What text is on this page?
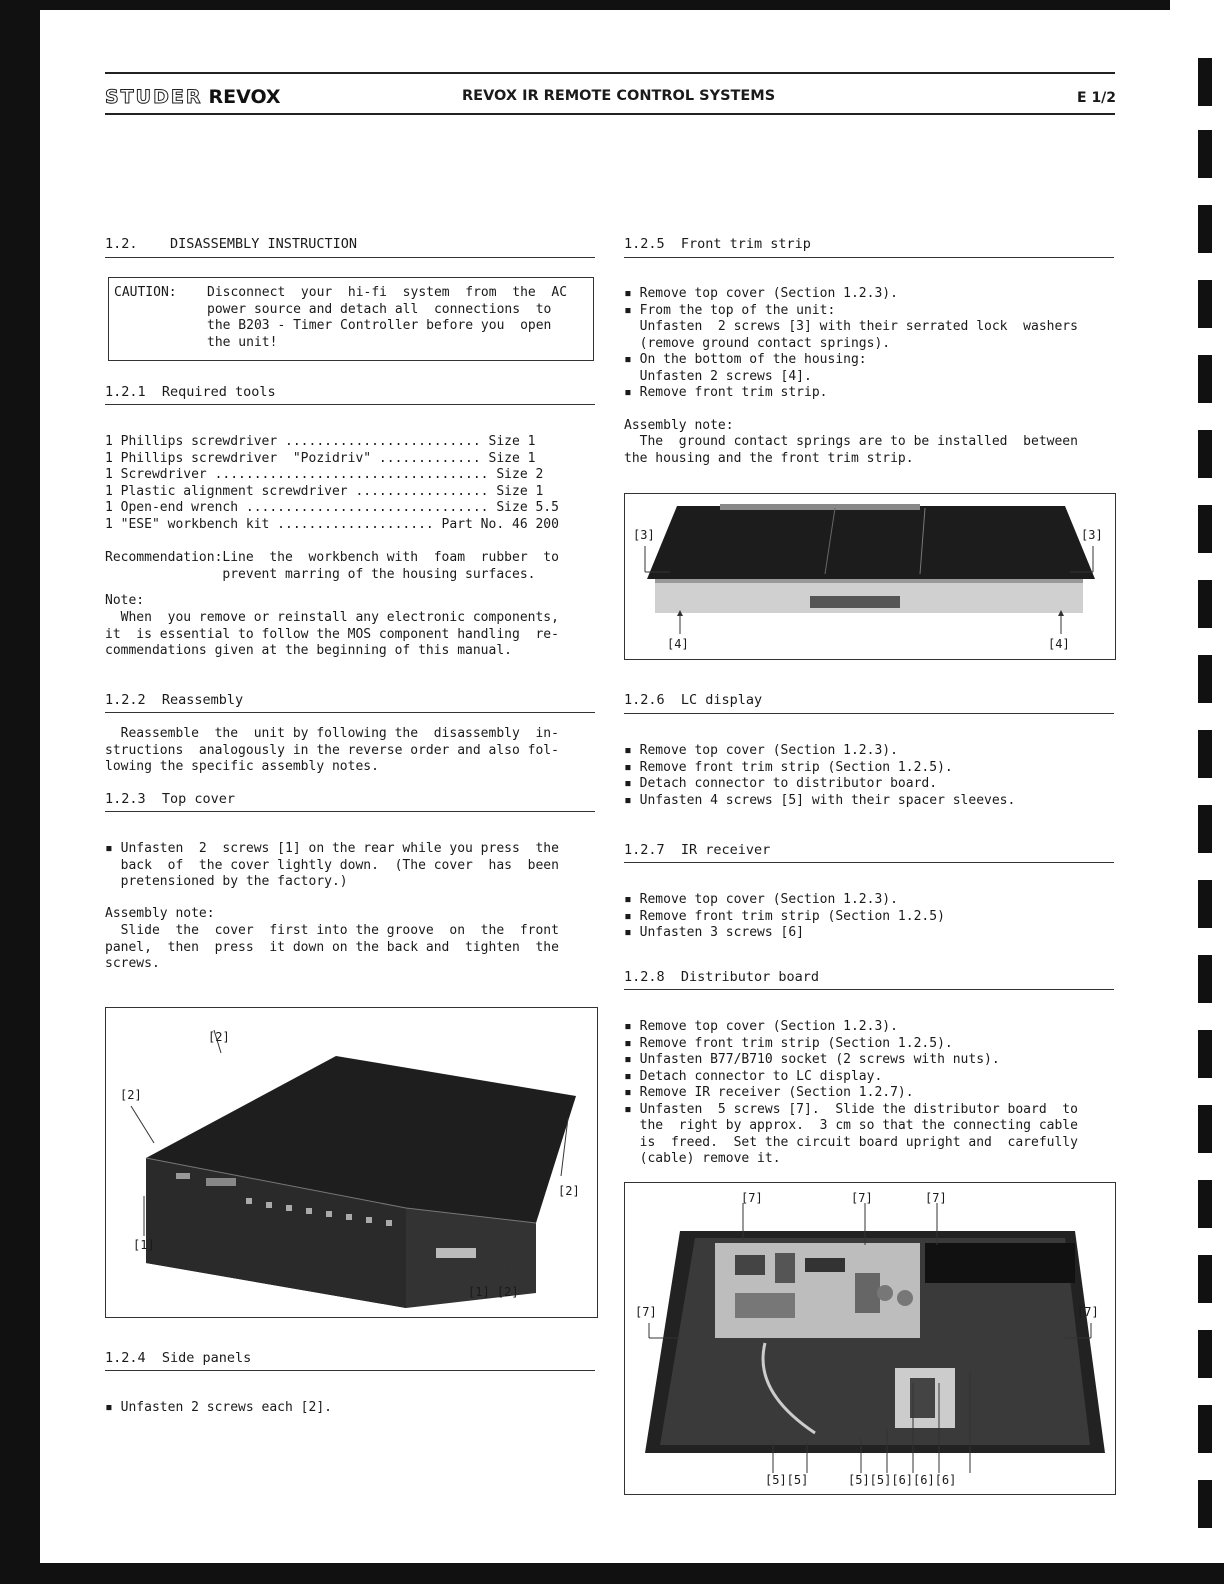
STUDER REVOX	REVOX IR REMOTE CONTROL SYSTEMS	E 1/2
1.2.    DISASSEMBLY INSTRUCTION
CAUTION: Disconnect  your  hi-fi  system  from  the  AC
power source and detach all  connections  to
the B203 - Timer Controller before you  open
the unit!
1.2.1  Required tools
1 Phillips screwdriver ......................... Size 1
1 Phillips screwdriver  "Pozidriv" ............. Size 1
1 Screwdriver ................................... Size 2
1 Plastic alignment screwdriver ................. Size 1
1 Open-end wrench ............................... Size 5.5
1 "ESE" workbench kit .................... Part No. 46 200
Recommendation:Line  the  workbench with  foam  rubber  to
prevent marring of the housing surfaces.
Note:
When  you remove or reinstall any electronic components,
it  is essential to follow the MOS component handling  re-
commendations given at the beginning of this manual.
1.2.2  Reassembly
Reassemble  the  unit by following the  disassembly  in-
structions  analogously in the reverse order and also fol-
lowing the specific assembly notes.
1.2.3  Top cover
▪ Unfasten  2  screws [1] on the rear while you press  the
back  of  the cover lightly down.  (The cover  has  been
pretensioned by the factory.)
Assembly note:
Slide  the  cover  first into the groove  on  the  front
panel,  then  press  it down on the back and  tighten  the
screws.
[2]
[2]
[2]
[1]
[1] [2]
1.2.4  Side panels
▪ Unfasten 2 screws each [2].
1.2.5  Front trim strip
▪ Remove top cover (Section 1.2.3).
▪ From the top of the unit:
Unfasten  2 screws [3] with their serrated lock  washers
(remove ground contact springs).
▪ On the bottom of the housing:
Unfasten 2 screws [4].
▪ Remove front trim strip.
Assembly note:
The  ground contact springs are to be installed  between
the housing and the front trim strip.
[3]	[3]
[4]	[4]
1.2.6  LC display
▪ Remove top cover (Section 1.2.3).
▪ Remove front trim strip (Section 1.2.5).
▪ Detach connector to distributor board.
▪ Unfasten 4 screws [5] with their spacer sleeves.
1.2.7  IR receiver
▪ Remove top cover (Section 1.2.3).
▪ Remove front trim strip (Section 1.2.5)
▪ Unfasten 3 screws [6]
1.2.8  Distributor board
▪ Remove top cover (Section 1.2.3).
▪ Remove front trim strip (Section 1.2.5).
▪ Unfasten B77/B710 socket (2 screws with nuts).
▪ Detach connector to LC display.
▪ Remove IR receiver (Section 1.2.7).
▪ Unfasten  5 screws [7].  Slide the distributor board  to
the  right by approx.  3 cm so that the connecting cable
is  freed.  Set the circuit board upright and  carefully
(cable) remove it.
[7]	[7]	[7]
[7]	[7]
[5][5]	[5][5][6][6][6]
